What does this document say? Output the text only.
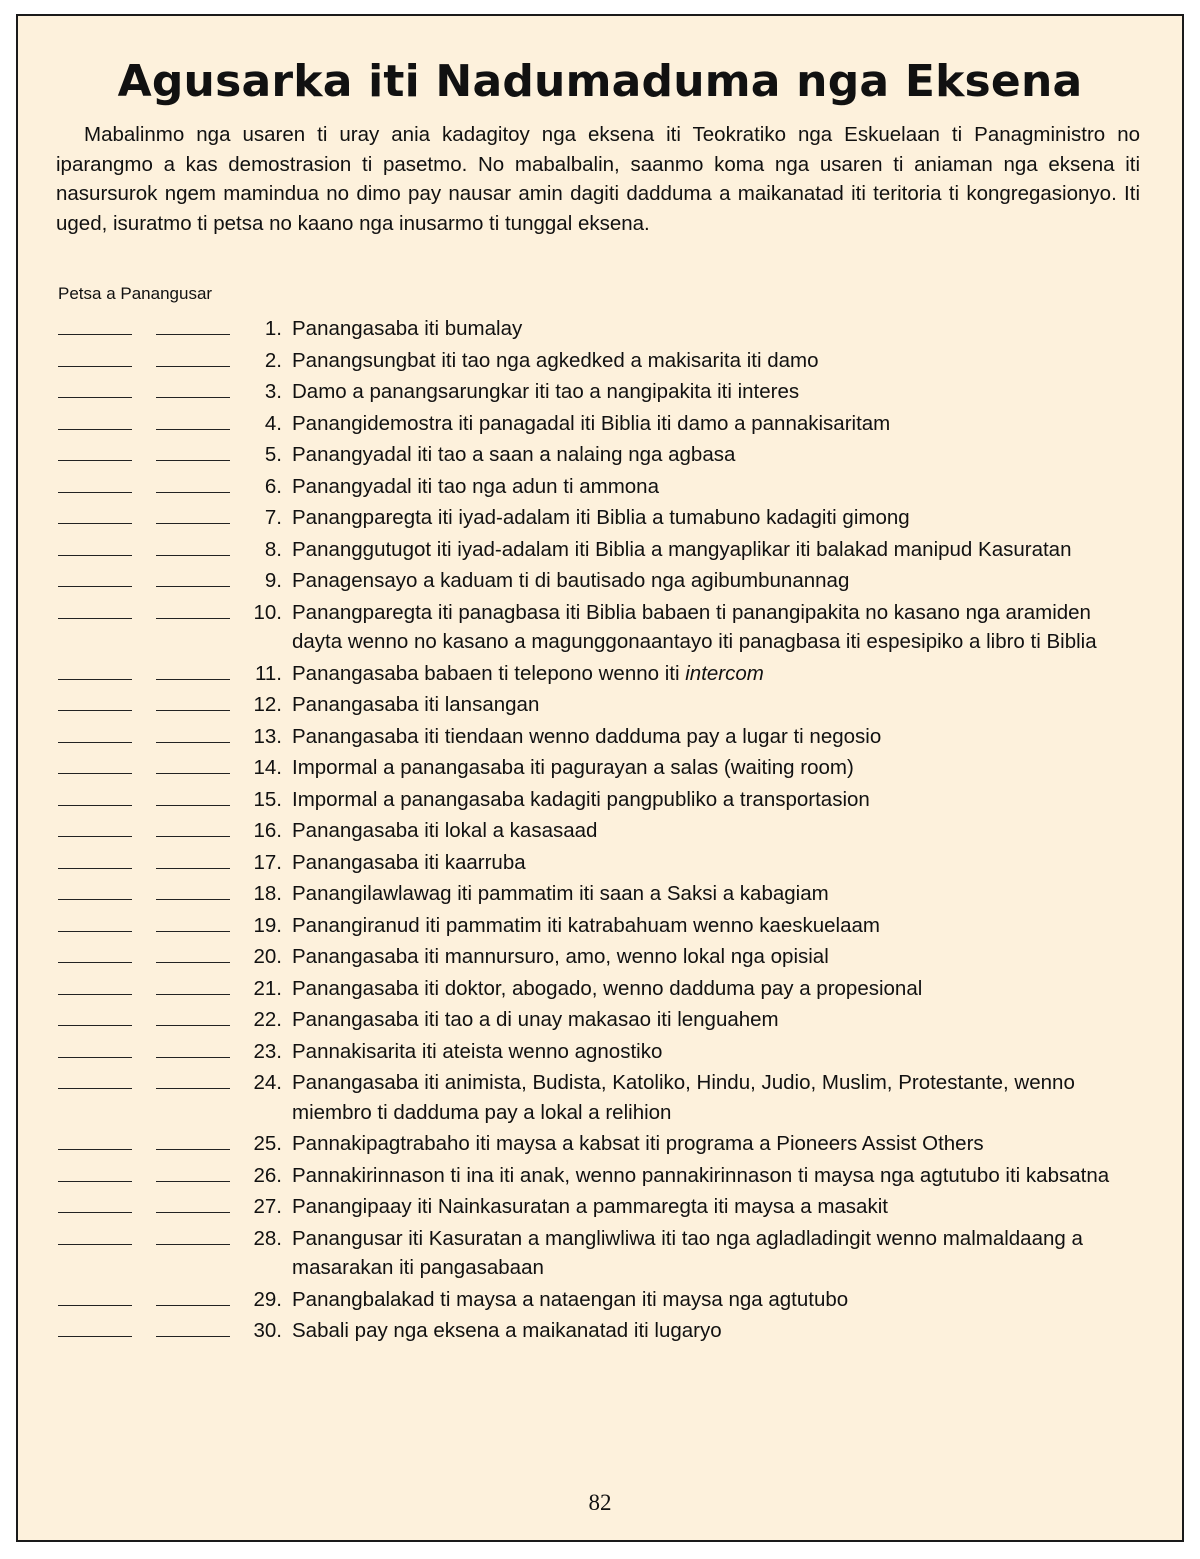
Agusarka iti Nadumaduma nga Eksena

Mabalinmo nga usaren ti uray ania kadagitoy nga eksena iti Teokratiko nga Eskuelaan ti Panagministro no iparangmo a kas demostrasion ti pasetmo. No mabalbalin, saanmo koma nga usaren ti aniaman nga eksena iti nasursurok ngem mamindua no dimo pay nausar amin dagiti dadduma a maikanatad iti teritoria ti kongregasionyo. Iti uged, isuratmo ti petsa no kaano nga inusarmo ti tunggal eksena.

Petsa a Panangusar
1. Panangasaba iti bumalay
2. Panangsungbat iti tao nga agkedked a makisarita iti damo
3. Damo a panangsarungkar iti tao a nangipakita iti interes
4. Panangidemostra iti panagadal iti Biblia iti damo a pannakisaritam
5. Panangyadal iti tao a saan a nalaing nga agbasa
6. Panangyadal iti tao nga adun ti ammona
7. Panangparegta iti iyad-adalam iti Biblia a tumabuno kadagiti gimong
8. Pananggutugot iti iyad-adalam iti Biblia a mangyaplikar iti balakad manipud Kasuratan
9. Panagensayo a kaduam ti di bautisado nga agibumbunannag
10. Panangparegta iti panagbasa iti Biblia babaen ti panangipakita no kasano nga aramiden dayta wenno no kasano a magunggonaantayo iti panagbasa iti espesipiko a libro ti Biblia
11. Panangasaba babaen ti telepono wenno iti intercom
12. Panangasaba iti lansangan
13. Panangasaba iti tiendaan wenno dadduma pay a lugar ti negosio
14. Impormal a panangasaba iti pagurayan a salas (waiting room)
15. Impormal a panangasaba kadagiti pangpubliko a transportasion
16. Panangasaba iti lokal a kasasaad
17. Panangasaba iti kaarruba
18. Panangilawlawag iti pammatim iti saan a Saksi a kabagiam
19. Panangiranud iti pammatim iti katrabahuam wenno kaeskuelaam
20. Panangasaba iti mannursuro, amo, wenno lokal nga opisial
21. Panangasaba iti doktor, abogado, wenno dadduma pay a propesional
22. Panangasaba iti tao a di unay makasao iti lenguahem
23. Pannakisarita iti ateista wenno agnostiko
24. Panangasaba iti animista, Budista, Katoliko, Hindu, Judio, Muslim, Protestante, wenno miembro ti dadduma pay a lokal a relihion
25. Pannakipagtrabaho iti maysa a kabsat iti programa a Pioneers Assist Others
26. Pannakirinnason ti ina iti anak, wenno pannakirinnason ti maysa nga agtutubo iti kabsatna
27. Panangipaay iti Nainkasuratan a pammaregta iti maysa a masakit
28. Panangusar iti Kasuratan a mangliwliwa iti tao nga agladladingit wenno malmaldaang a masarakan iti pangasabaan
29. Panangbalakad ti maysa a nataengan iti maysa nga agtutubo
30. Sabali pay nga eksena a maikanatad iti lugaryo
82
